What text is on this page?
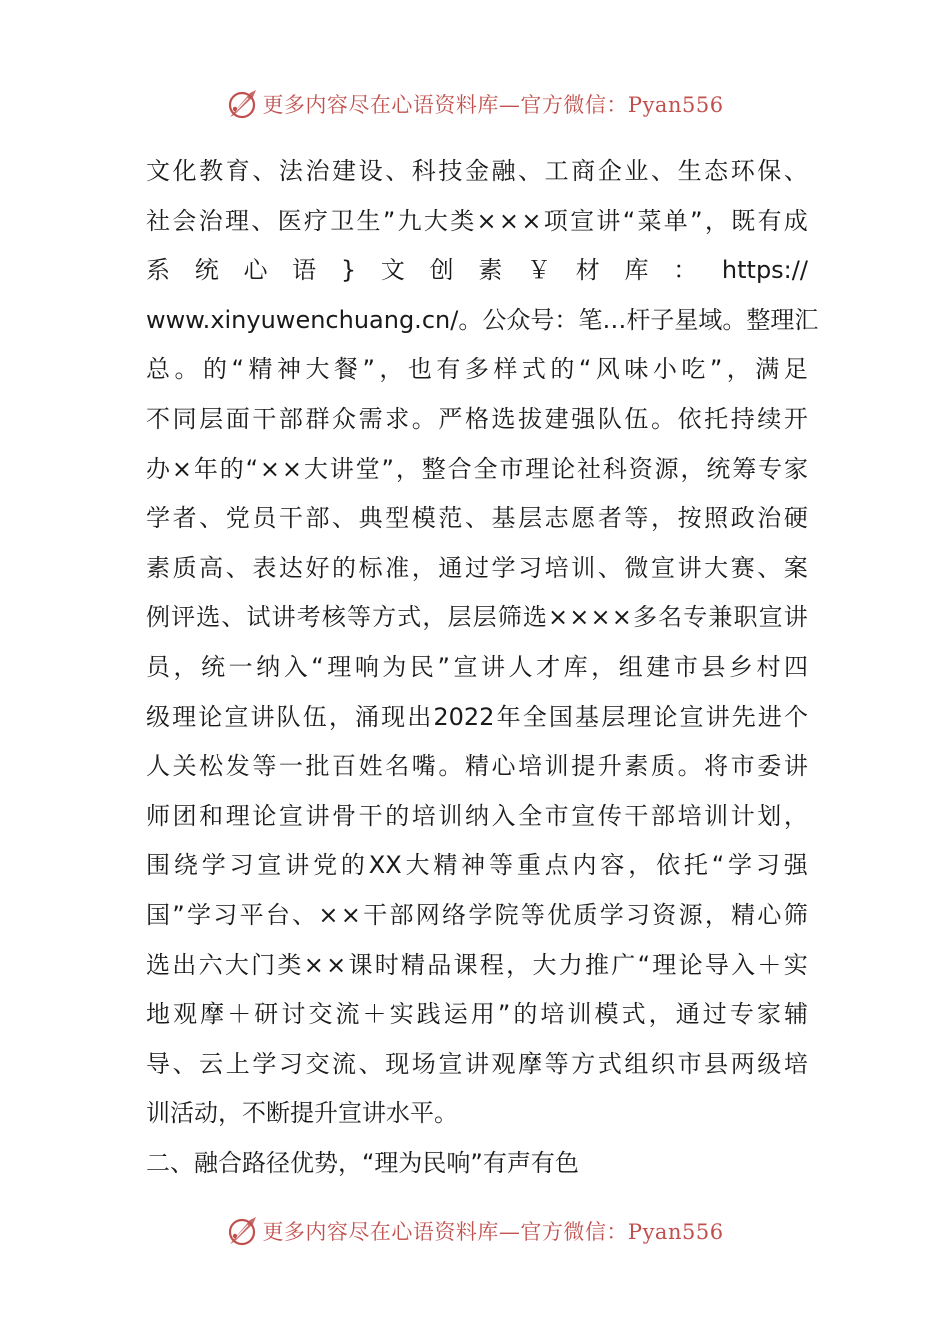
更多内容尽在心语资料库—官方微信：Pyan556
文 化 教 育 、 法 治 建 设 、 科 技 金 融 、 工 商 企 业 、 生 态 环 保 、
社 会 治 理 、 医 疗 卫 生 ” 九 大 类 × × × 项 宣 讲 “ 菜 单 ” ， 既 有 成
系 统 心 语 } 文 创 素 ￥ 材 库 ： https://
www.xinyuwenchuang.cn/ 。 公 众 号 ： 笔 … 杆 子 星 域 。 整 理 汇
总 。 的 “ 精 神 大 餐 ” ， 也 有 多 样 式 的 “ 风 味 小 吃 ” ， 满 足
不 同 层 面 干 部 群 众 需 求 。 严 格 选 拔 建 强 队 伍 。 依 托 持 续 开
办 × 年 的 “ × × 大 讲 堂 ” ， 整 合 全 市 理 论 社 科 资 源 ， 统 筹 专 家
学 者 、 党 员 干 部 、 典 型 模 范 、 基 层 志 愿 者 等 ， 按 照 政 治 硬
素 质 高 、 表 达 好 的 标 准 ， 通 过 学 习 培 训 、 微 宣 讲 大 赛 、 案
例 评 选 、 试 讲 考 核 等 方 式 ， 层 层 筛 选 × × × × 多 名 专 兼 职 宣 讲
员 ， 统 一 纳 入 “ 理 响 为 民 ” 宣 讲 人 才 库 ， 组 建 市 县 乡 村 四
级 理 论 宣 讲 队 伍 ， 涌 现 出 2022 年 全 国 基 层 理 论 宣 讲 先 进 个
人 关 松 发 等 一 批 百 姓 名 嘴 。 精 心 培 训 提 升 素 质 。 将 市 委 讲
师 团 和 理 论 宣 讲 骨 干 的 培 训 纳 入 全 市 宣 传 干 部 培 训 计 划 ，
围 绕 学 习 宣 讲 党 的 XX 大 精 神 等 重 点 内 容 ， 依 托 “ 学 习 强
国 ” 学 习 平 台 、 × × 干 部 网 络 学 院 等 优 质 学 习 资 源 ， 精 心 筛
选 出 六 大 门 类 × × 课 时 精 品 课 程 ， 大 力 推 广 “ 理 论 导 入 ＋ 实
地 观 摩 ＋ 研 讨 交 流 ＋ 实 践 运 用 ” 的 培 训 模 式 ， 通 过 专 家 辅
导 、 云 上 学 习 交 流 、 现 场 宣 讲 观 摩 等 方 式 组 织 市 县 两 级 培
训活动，不断提升宣讲水平。
二、融合路径优势，“理为民响”有声有色
更多内容尽在心语资料库—官方微信：Pyan556
